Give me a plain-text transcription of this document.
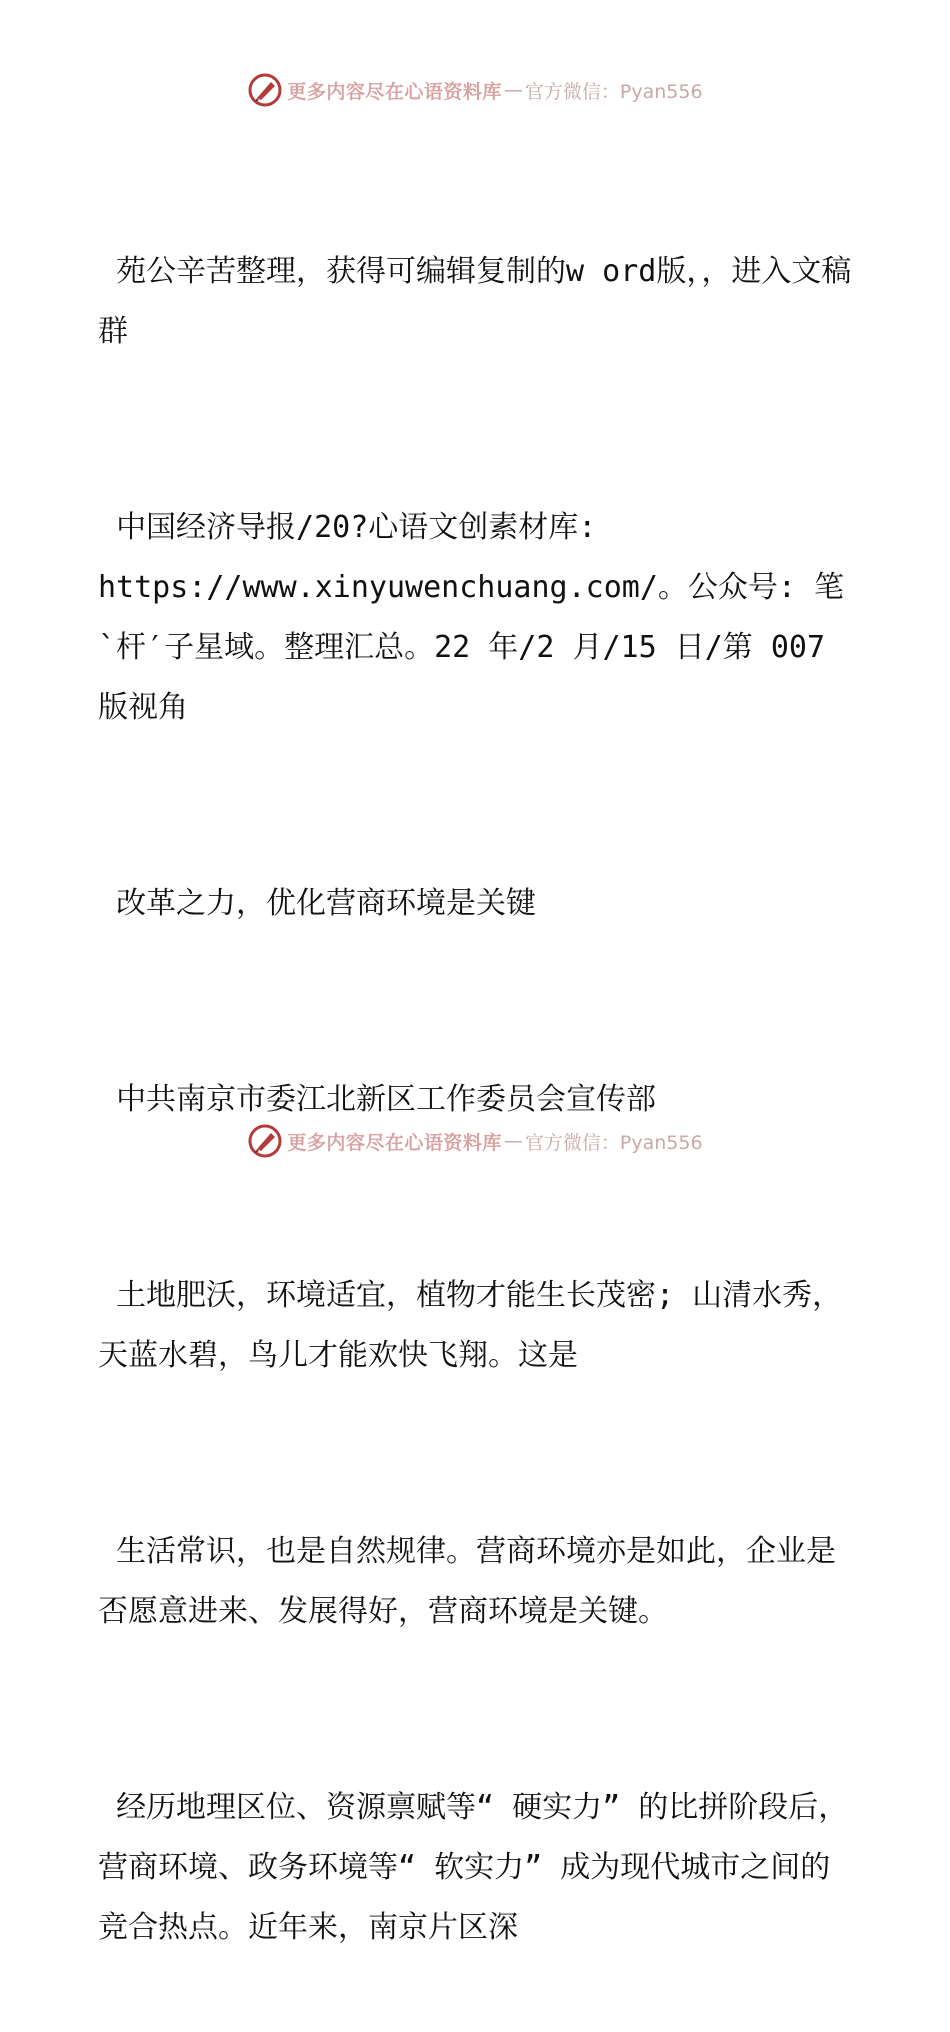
更多内容尽在心语资料库 — 官方微信：Pyan556

苑公辛苦整理，获得可编辑复制的w ord版，，进入文稿群

中国经济导报/20?心语文创素材库: https://www.xinyuwenchuang.com/。公众号: 笔`杆′子星域。整理汇总。22 年/2 月/15 日/第 007 版视角

改革之力，优化营商环境是关键

中共南京市委江北新区工作委员会宣传部

土地肥沃，环境适宜，植物才能生长茂密; 山清水秀，天蓝水碧，鸟儿才能欢快飞翔。这是

生活常识，也是自然规律。营商环境亦是如此，企业是否愿意进来、发展得好，营商环境是关键。

经历地理区位、资源禀赋等“ 硬实力” 的比拼阶段后，营商环境、政务环境等“ 软实力” 成为现代城市之间的竞合热点。近年来，南京片区深

更多内容尽在心语资料库 — 官方微信：Pyan556
